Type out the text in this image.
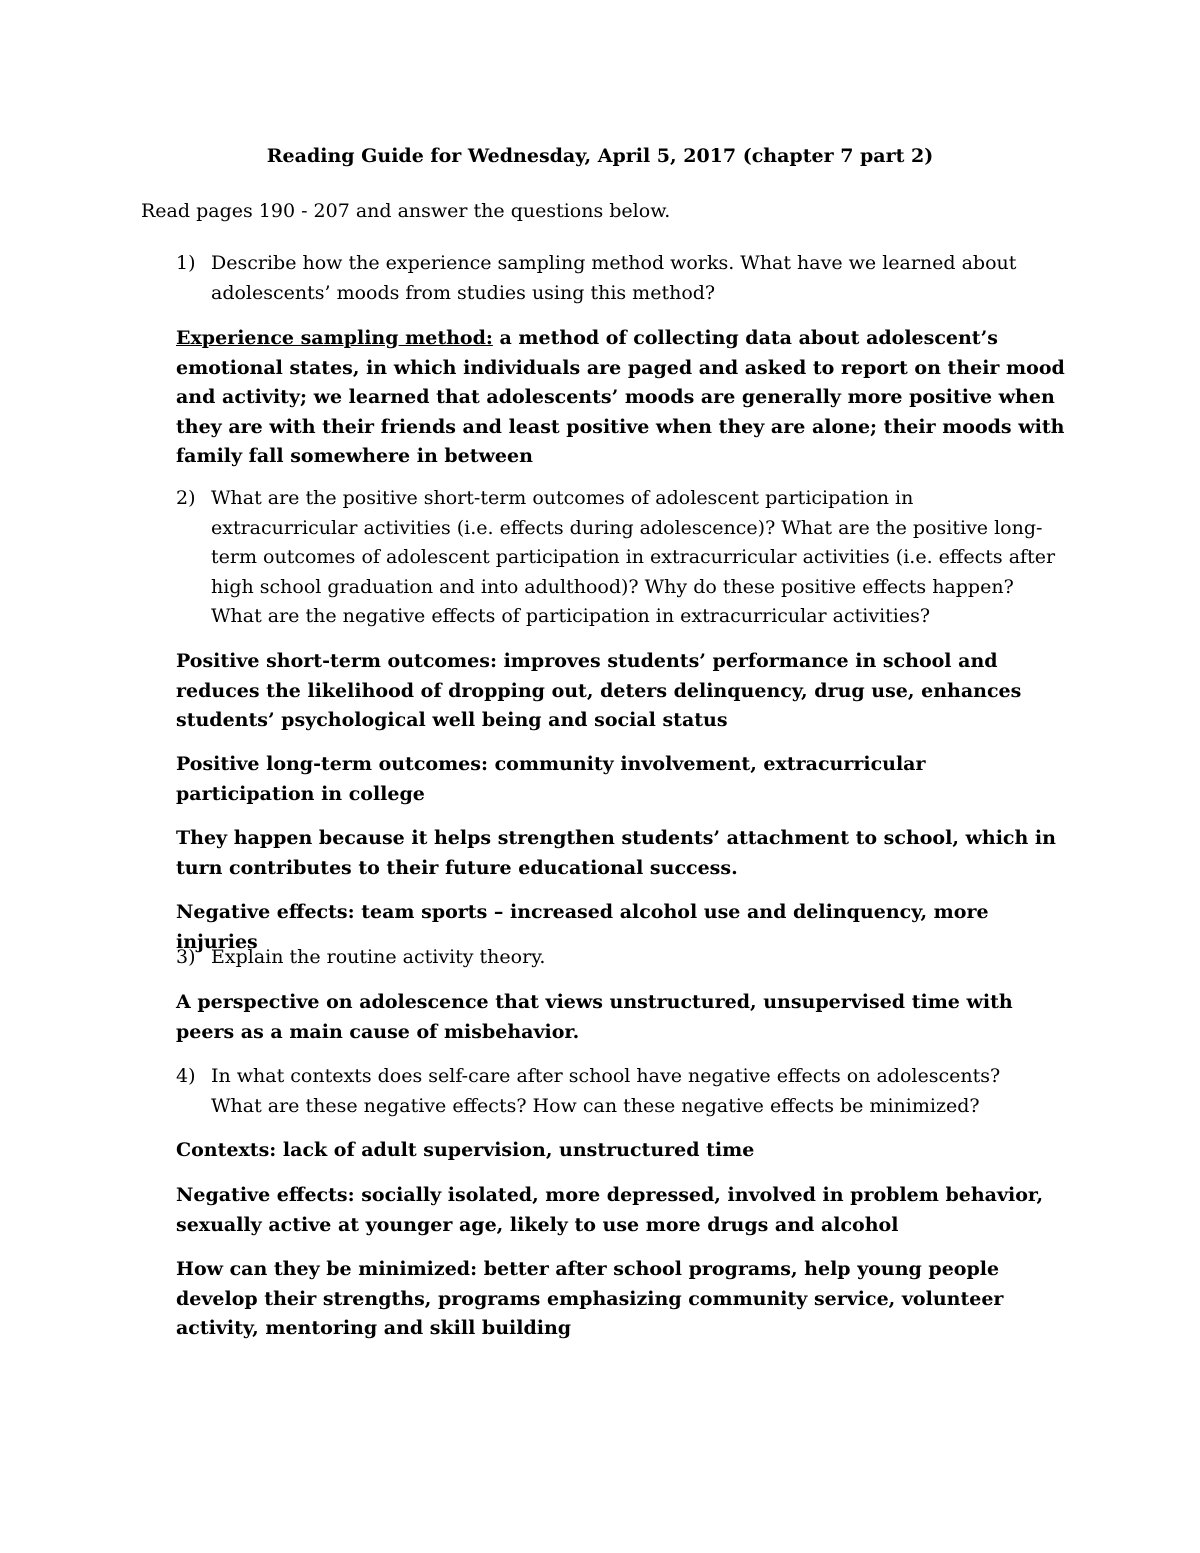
Reading Guide for Wednesday, April 5, 2017 (chapter 7 part 2)
Read pages 190 - 207 and answer the questions below.
1) Describe how the experience sampling method works. What have we learned about adolescents’ moods from studies using this method?
Experience sampling method: a method of collecting data about adolescent’s emotional states, in which individuals are paged and asked to report on their mood and activity; we learned that adolescents’ moods are generally more positive when they are with their friends and least positive when they are alone; their moods with family fall somewhere in between
2) What are the positive short-term outcomes of adolescent participation in extracurricular activities (i.e. effects during adolescence)? What are the positive long-term outcomes of adolescent participation in extracurricular activities (i.e. effects after high school graduation and into adulthood)? Why do these positive effects happen? What are the negative effects of participation in extracurricular activities?
Positive short-term outcomes: improves students’ performance in school and reduces the likelihood of dropping out, deters delinquency, drug use, enhances students’ psychological well being and social status
Positive long-term outcomes: community involvement, extracurricular participation in college
They happen because it helps strengthen students’ attachment to school, which in turn contributes to their future educational success.
Negative effects: team sports – increased alcohol use and delinquency, more injuries
3) Explain the routine activity theory.
A perspective on adolescence that views unstructured, unsupervised time with peers as a main cause of misbehavior.
4) In what contexts does self-care after school have negative effects on adolescents? What are these negative effects? How can these negative effects be minimized?
Contexts: lack of adult supervision, unstructured time
Negative effects: socially isolated, more depressed, involved in problem behavior, sexually active at younger age, likely to use more drugs and alcohol
How can they be minimized: better after school programs, help young people develop their strengths, programs emphasizing community service, volunteer activity, mentoring and skill building
